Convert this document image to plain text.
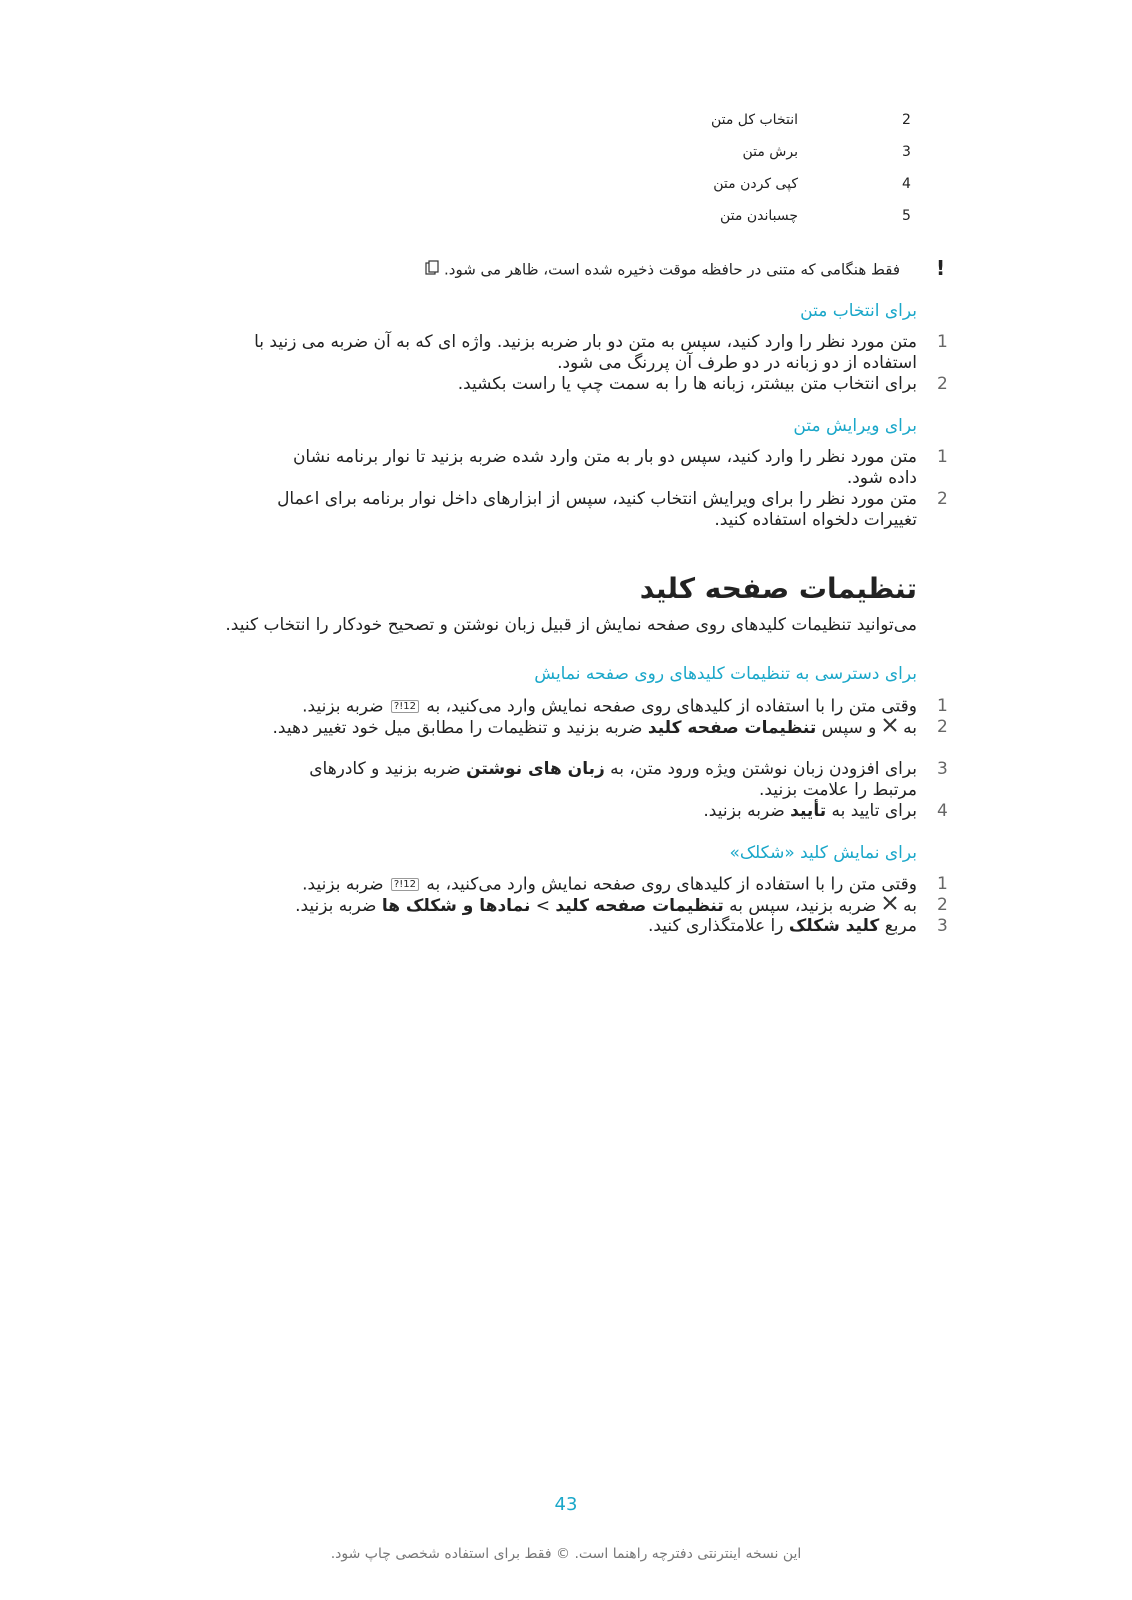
2
انتخاب کل متن
3
برش متن
4
کپی کردن متن
5
چسباندن متن
!
فقط هنگامی که متنی در حافظه موقت ذخیره شده است، ظاهر می شود.
برای انتخاب متن
1
متن مورد نظر را وارد کنید، سپس به متن دو بار ضربه بزنید. واژه ای که به آن ضربه می زنید با استفاده از دو زبانه در دو طرف آن پررنگ می شود.
2
برای انتخاب متن بیشتر، زبانه ها را به سمت چپ یا راست بکشید.
برای ویرایش متن
1
متن مورد نظر را وارد کنید، سپس دو بار به متن وارد شده ضربه بزنید تا نوار برنامه نشان داده شود.
2
متن مورد نظر را برای ویرایش انتخاب کنید، سپس از ابزارهای داخل نوار برنامه برای اعمال تغییرات دلخواه استفاده کنید.
تنظیمات صفحه کلید
می‌توانید تنظیمات کلیدهای روی صفحه نمایش از قبیل زبان نوشتن و تصحیح خودکار را انتخاب کنید.
برای دسترسی به تنظیمات کلیدهای روی صفحه نمایش
1
وقتی متن را با استفاده از کلیدهای روی صفحه نمایش وارد می‌کنید، به 12!? ضربه بزنید.
2
به  و سپس تنظیمات صفحه کلید ضربه بزنید و تنظیمات را مطابق میل خود تغییر دهید.
3
برای افزودن زبان نوشتن ویژه ورود متن، به زبان های نوشتن ضربه بزنید و کادرهای مرتبط را علامت بزنید.
4
برای تایید به تأیید ضربه بزنید.
برای نمایش کلید «شکلک»
1
وقتی متن را با استفاده از کلیدهای روی صفحه نمایش وارد می‌کنید، به 12!? ضربه بزنید.
2
به  ضربه بزنید، سپس به تنظیمات صفحه کلید > نمادها و شکلک ها ضربه بزنید.
3
مربع کلید شکلک را علامتگذاری کنید.
43
این نسخه اینترنتی دفترچه راهنما است. © فقط برای استفاده شخصی چاپ شود.
